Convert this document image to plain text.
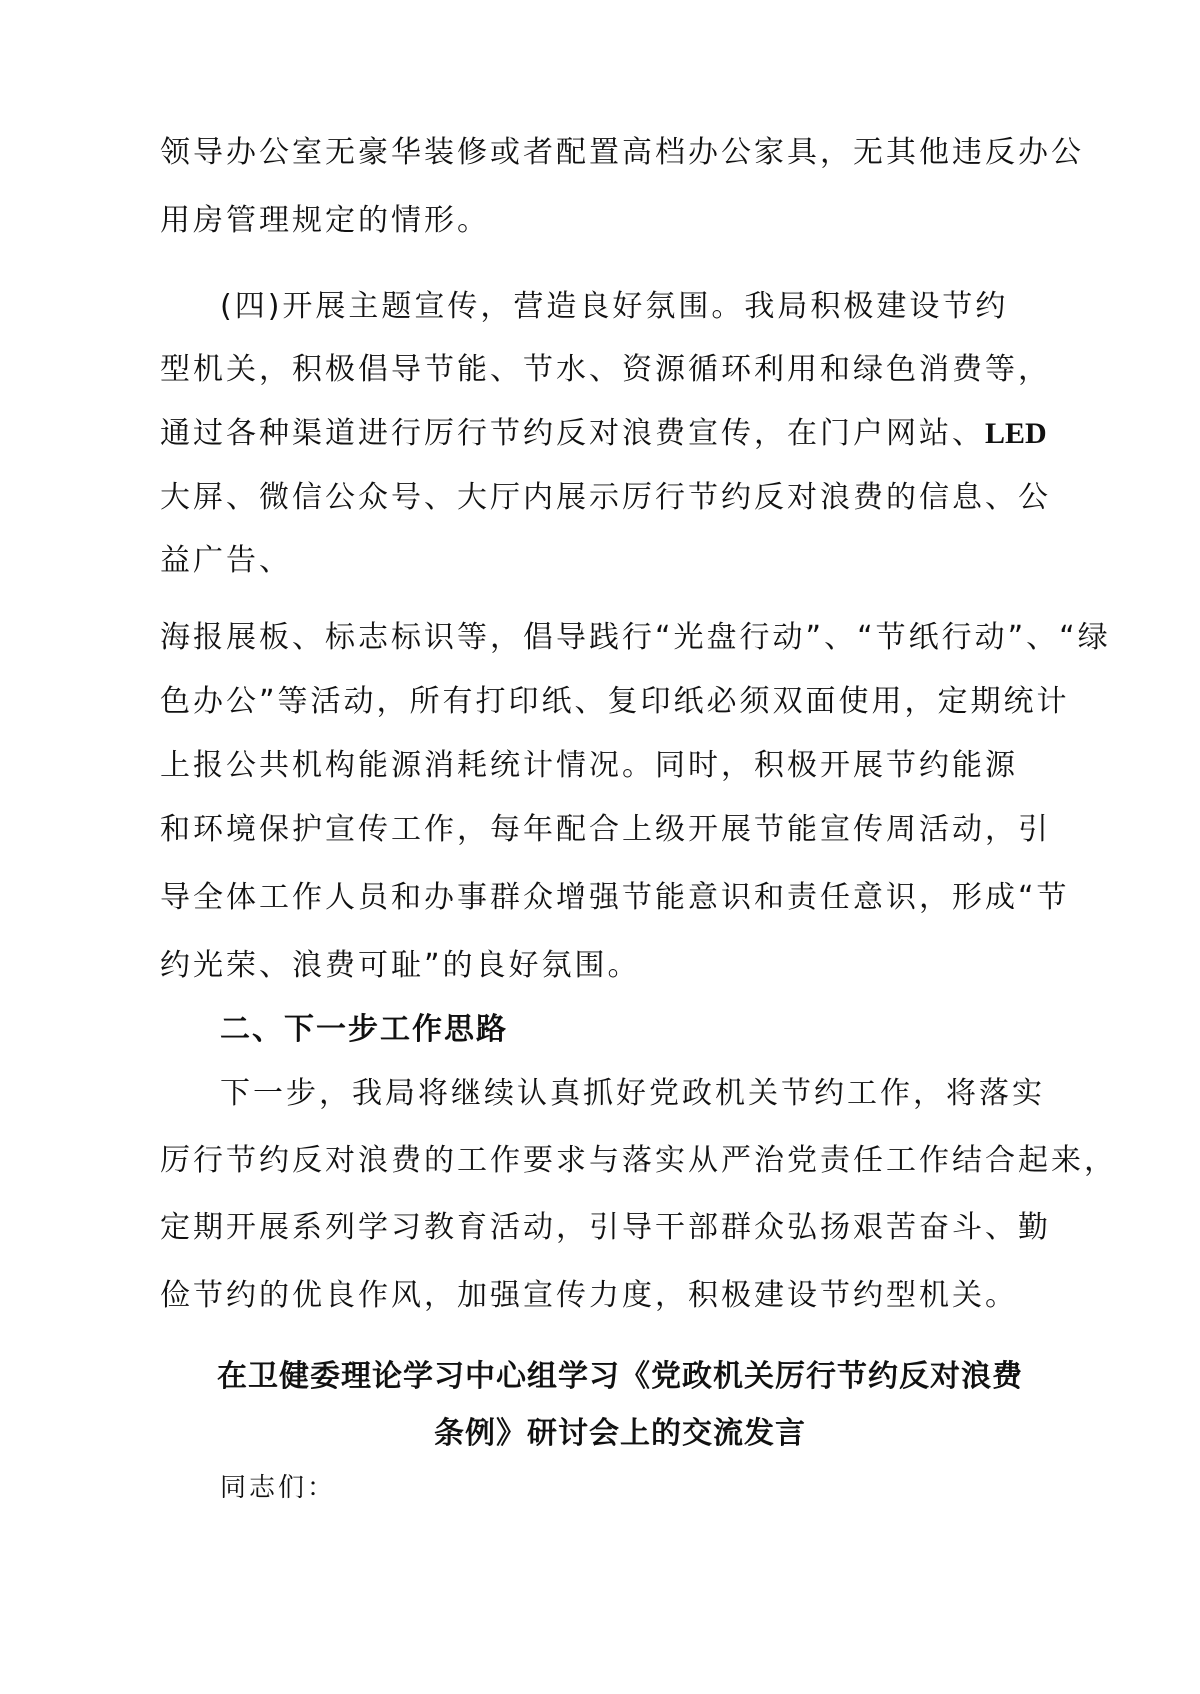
领导办公室无豪华装修或者配置高档办公家具，无其他违反办公
用房管理规定的情形。
(四)开展主题宣传，营造良好氛围。我局积极建设节约
型机关，积极倡导节能、节水、资源循环利用和绿色消费等，
通过各种渠道进行厉行节约反对浪费宣传，在门户网站、LED
大屏、微信公众号、大厅内展示厉行节约反对浪费的信息、公
益广告、
海报展板、标志标识等，倡导践行“光盘行动”、“节纸行动”、“绿
色办公”等活动，所有打印纸、复印纸必须双面使用，定期统计
上报公共机构能源消耗统计情况。同时，积极开展节约能源
和环境保护宣传工作，每年配合上级开展节能宣传周活动，引
导全体工作人员和办事群众增强节能意识和责任意识，形成“节
约光荣、浪费可耻”的良好氛围。
二、下一步工作思路
下一步，我局将继续认真抓好党政机关节约工作，将落实
厉行节约反对浪费的工作要求与落实从严治党责任工作结合起来，
定期开展系列学习教育活动，引导干部群众弘扬艰苦奋斗、勤
俭节约的优良作风，加强宣传力度，积极建设节约型机关。
在卫健委理论学习中心组学习《党政机关厉行节约反对浪费
条例》研讨会上的交流发言
同志们：
